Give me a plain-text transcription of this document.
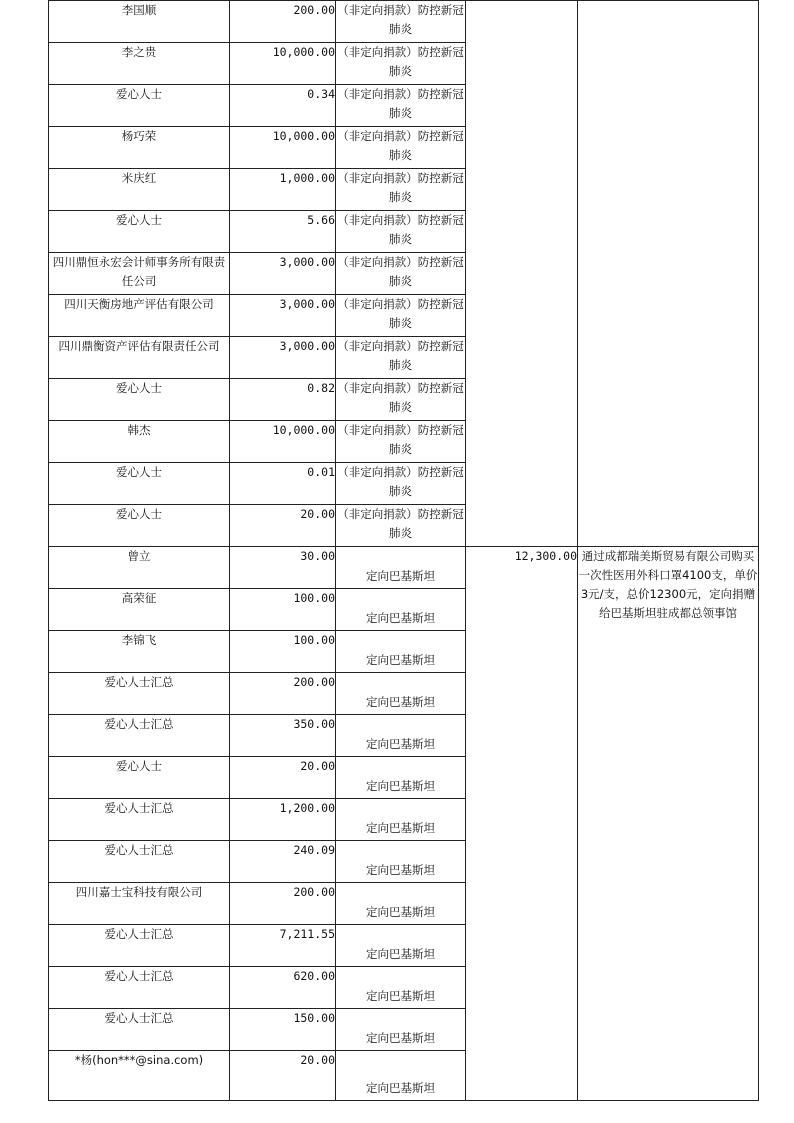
李国顺	200.00	（非定向捐款）防控新冠肺炎		
李之贵	10,000.00	（非定向捐款）防控新冠肺炎		
爱心人士	0.34	（非定向捐款）防控新冠肺炎		
杨巧荣	10,000.00	（非定向捐款）防控新冠肺炎		
米庆红	1,000.00	（非定向捐款）防控新冠肺炎		
爱心人士	5.66	（非定向捐款）防控新冠肺炎		
四川鼎恒永宏会计师事务所有限责任公司	3,000.00	（非定向捐款）防控新冠肺炎		
四川天衡房地产评估有限公司	3,000.00	（非定向捐款）防控新冠肺炎		
四川鼎衡资产评估有限责任公司	3,000.00	（非定向捐款）防控新冠肺炎		
爱心人士	0.82	（非定向捐款）防控新冠肺炎		
韩杰	10,000.00	（非定向捐款）防控新冠肺炎		
爱心人士	0.01	（非定向捐款）防控新冠肺炎		
爱心人士	20.00	（非定向捐款）防控新冠肺炎		
曾立	30.00	定向巴基斯坦	12,300.00	通过成都瑞美斯贸易有限公司购买一次性医用外科口罩4100支，单价3元/支，总价12300元，定向捐赠给巴基斯坦驻成都总领事馆
高荣征	100.00	定向巴基斯坦		
李锦飞	100.00	定向巴基斯坦		
爱心人士汇总	200.00	定向巴基斯坦		
爱心人士汇总	350.00	定向巴基斯坦		
爱心人士	20.00	定向巴基斯坦		
爱心人士汇总	1,200.00	定向巴基斯坦		
爱心人士汇总	240.09	定向巴基斯坦		
四川嘉士宝科技有限公司	200.00	定向巴基斯坦		
爱心人士汇总	7,211.55	定向巴基斯坦		
爱心人士汇总	620.00	定向巴基斯坦		
爱心人士汇总	150.00	定向巴基斯坦		
*杨(hon***@sina.com)	20.00	定向巴基斯坦		
